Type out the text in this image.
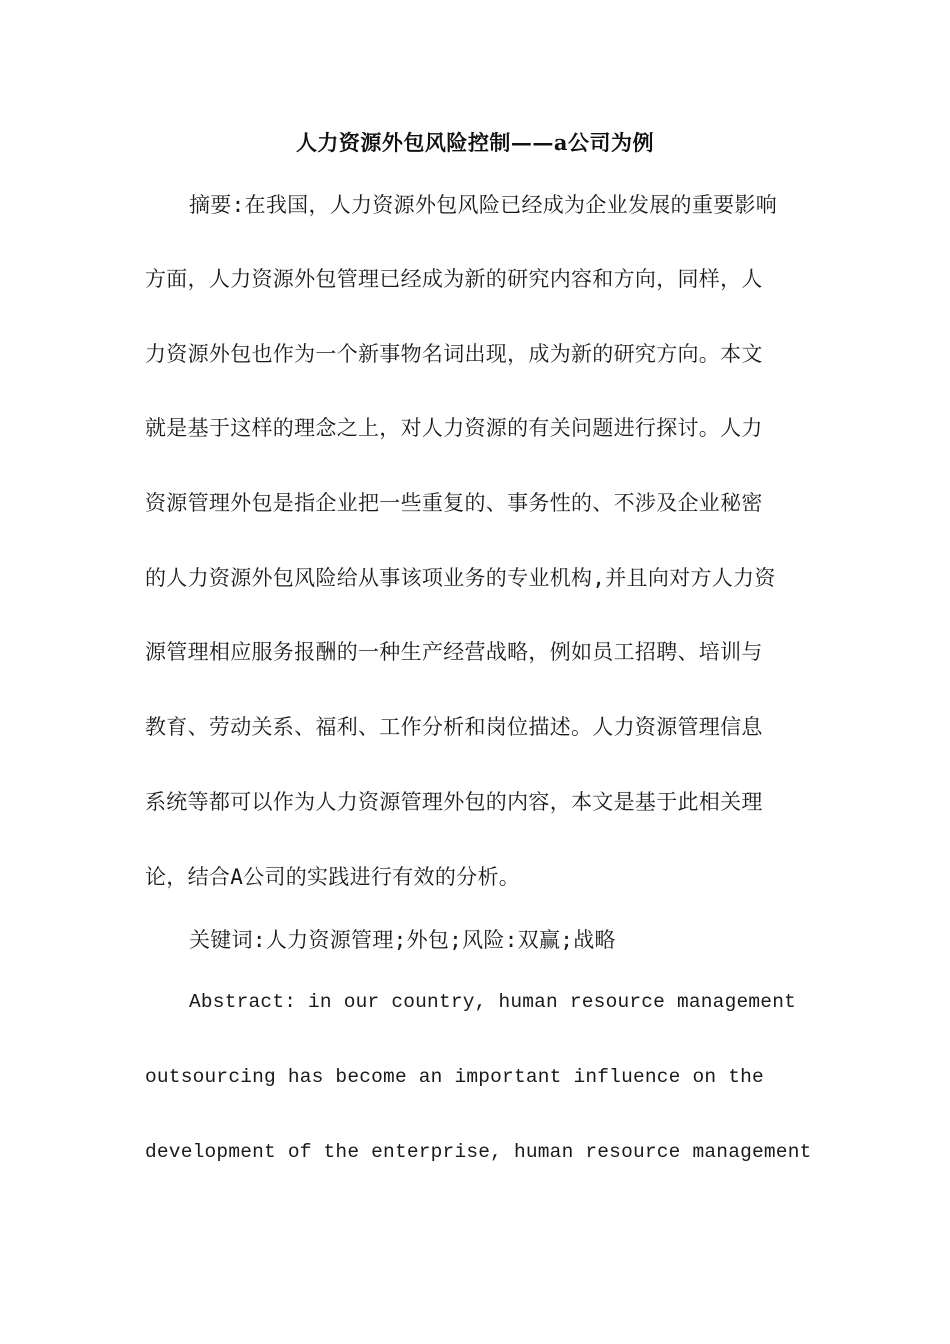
人力资源外包风险控制——a公司为例
摘要:在我国，人力资源外包风险已经成为企业发展的重要影响
方面，人力资源外包管理已经成为新的研究内容和方向，同样，人
力资源外包也作为一个新事物名词出现，成为新的研究方向。本文
就是基于这样的理念之上，对人力资源的有关问题进行探讨。人力
资源管理外包是指企业把一些重复的、事务性的、不涉及企业秘密
的人力资源外包风险给从事该项业务的专业机构,并且向对方人力资
源管理相应服务报酬的一种生产经营战略，例如员工招聘、培训与
教育、劳动关系、福利、工作分析和岗位描述。人力资源管理信息
系统等都可以作为人力资源管理外包的内容，本文是基于此相关理
论，结合A公司的实践进行有效的分析。
关键词:人力资源管理;外包;风险:双赢;战略
Abstract: in our country, human resource management
outsourcing has become an important influence on the
development of the enterprise, human resource management
